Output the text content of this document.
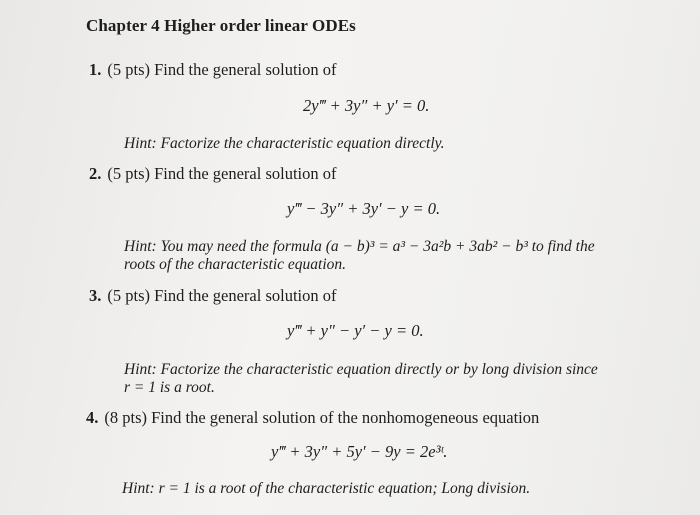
Chapter 4 Higher order linear ODEs
1. (5 pts) Find the general solution of
2y‴ + 3y″ + y′ = 0.
Hint: Factorize the characteristic equation directly.
2. (5 pts) Find the general solution of
y‴ − 3y″ + 3y′ − y = 0.
Hint: You may need the formula (a − b)³ = a³ − 3a²b + 3ab² − b³ to find the
roots of the characteristic equation.
3. (5 pts) Find the general solution of
y‴ + y″ − y′ − y = 0.
Hint: Factorize the characteristic equation directly or by long division since
r = 1 is a root.
4. (8 pts) Find the general solution of the nonhomogeneous equation
y‴ + 3y″ + 5y′ − 9y = 2e³ᵗ.
Hint: r = 1 is a root of the characteristic equation; Long division.
